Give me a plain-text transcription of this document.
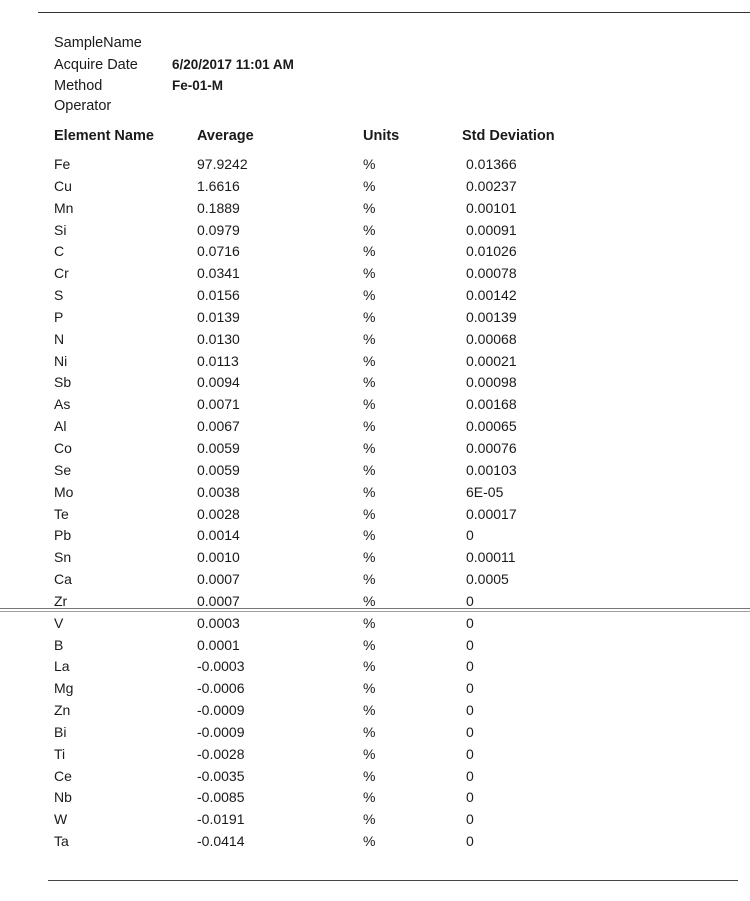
SampleName
Acquire Date	6/20/2017 11:01 AM
Method	Fe-01-M
Operator
Element Name	Average	Units	Std Deviation
Fe	97.9242	%	0.01366
Cu	1.6616	%	0.00237
Mn	0.1889	%	0.00101
Si	0.0979	%	0.00091
C	0.0716	%	0.01026
Cr	0.0341	%	0.00078
S	0.0156	%	0.00142
P	0.0139	%	0.00139
N	0.0130	%	0.00068
Ni	0.0113	%	0.00021
Sb	0.0094	%	0.00098
As	0.0071	%	0.00168
Al	0.0067	%	0.00065
Co	0.0059	%	0.00076
Se	0.0059	%	0.00103
Mo	0.0038	%	6E-05
Te	0.0028	%	0.00017
Pb	0.0014	%	0
Sn	0.0010	%	0.00011
Ca	0.0007	%	0.0005
Zr	0.0007	%	0
V	0.0003	%	0
B	0.0001	%	0
La	-0.0003	%	0
Mg	-0.0006	%	0
Zn	-0.0009	%	0
Bi	-0.0009	%	0
Ti	-0.0028	%	0
Ce	-0.0035	%	0
Nb	-0.0085	%	0
W	-0.0191	%	0
Ta	-0.0414	%	0
